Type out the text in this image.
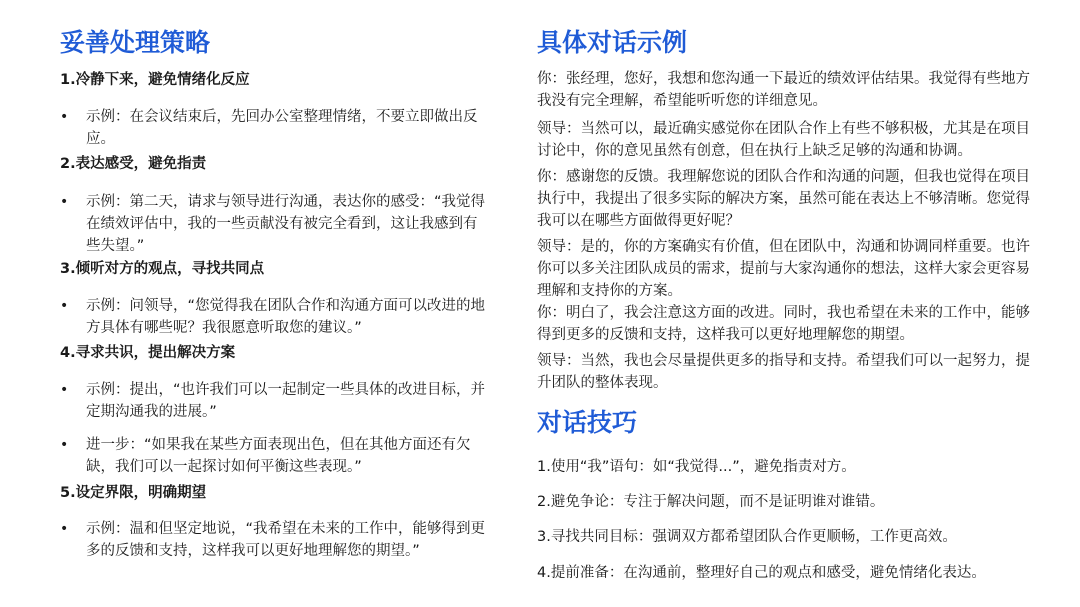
妥善处理策略
1.冷静下来，避免情绪化反应
• 示例：在会议结束后，先回办公室整理情绪，不要立即做出反应。
2.表达感受，避免指责
• 示例：第二天，请求与领导进行沟通，表达你的感受：“我觉得在绩效评估中，我的一些贡献没有被完全看到，这让我感到有些失望。”
3.倾听对方的观点，寻找共同点
• 示例：问领导，“您觉得我在团队合作和沟通方面可以改进的地方具体有哪些呢？我很愿意听取您的建议。”
4.寻求共识，提出解决方案
• 示例：提出，“也许我们可以一起制定一些具体的改进目标，并定期沟通我的进展。”
• 进一步：“如果我在某些方面表现出色，但在其他方面还有欠缺，我们可以一起探讨如何平衡这些表现。”
5.设定界限，明确期望
• 示例：温和但坚定地说，“我希望在未来的工作中，能够得到更多的反馈和支持，这样我可以更好地理解您的期望。”
具体对话示例
你：张经理，您好，我想和您沟通一下最近的绩效评估结果。我觉得有些地方我没有完全理解，希望能听听您的详细意见。
领导：当然可以，最近确实感觉你在团队合作上有些不够积极，尤其是在项目讨论中，你的意见虽然有创意，但在执行上缺乏足够的沟通和协调。
你：感谢您的反馈。我理解您说的团队合作和沟通的问题，但我也觉得在项目执行中，我提出了很多实际的解决方案，虽然可能在表达上不够清晰。您觉得我可以在哪些方面做得更好呢？
领导：是的，你的方案确实有价值，但在团队中，沟通和协调同样重要。也许你可以多关注团队成员的需求，提前与大家沟通你的想法，这样大家会更容易理解和支持你的方案。
你：明白了，我会注意这方面的改进。同时，我也希望在未来的工作中，能够得到更多的反馈和支持，这样我可以更好地理解您的期望。
领导：当然，我也会尽量提供更多的指导和支持。希望我们可以一起努力，提升团队的整体表现。
对话技巧
1.使用“我”语句：如“我觉得...”，避免指责对方。
2.避免争论：专注于解决问题，而不是证明谁对谁错。
3.寻找共同目标：强调双方都希望团队合作更顺畅，工作更高效。
4.提前准备：在沟通前，整理好自己的观点和感受，避免情绪化表达。
